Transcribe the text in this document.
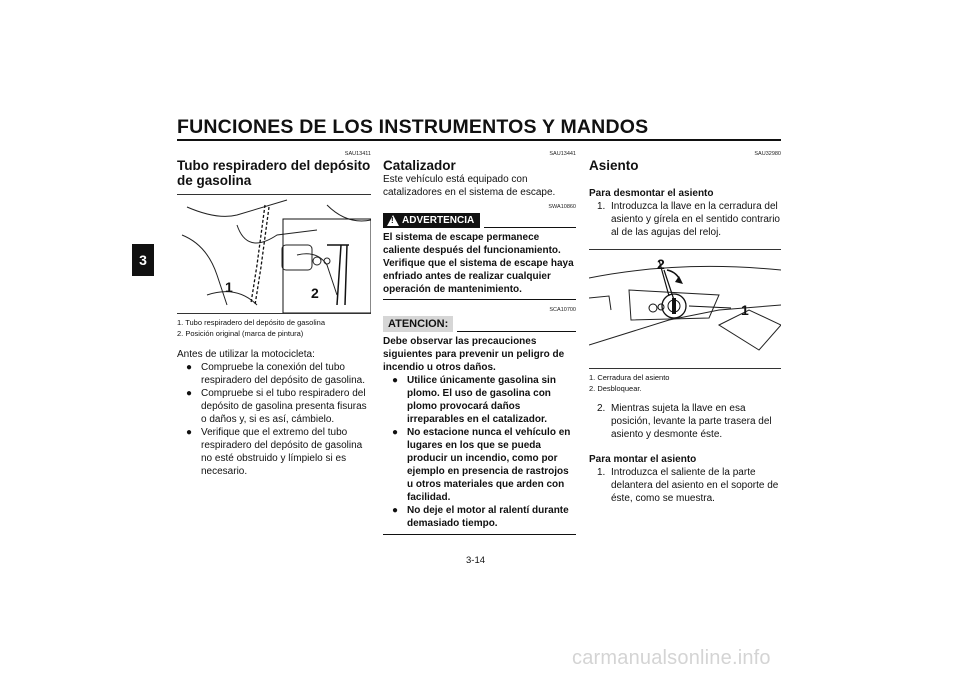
FUNCIONES DE LOS INSTRUMENTOS Y MANDOS
3
SAU13411
Tubo respiradero del depósito de gasolina
1	2

1. Tubo respiradero del depósito de gasolina

2. Posición original (marca de pintura)

Antes de utilizar la motocicleta:

● Compruebe la conexión del tubo respiradero del depósito de gasolina.
● Compruebe si el tubo respiradero del depósito de gasolina presenta fisuras o daños y, si es así, cámbielo.
● Verifique que el extremo del tubo respiradero del depósito de gasolina no esté obstruido y límpielo si es necesario.
SAU13441
Catalizador

Este vehículo está equipado con catalizadores en el sistema de escape.

SWA10860
! ADVERTENCIA
El sistema de escape permanece caliente después del funcionamiento. Verifique que el sistema de escape haya enfriado antes de realizar cualquier operación de mantenimiento.
SCA10700
ATENCION:
Debe observar las precauciones siguientes para prevenir un peligro de incendio u otros daños.
● Utilice únicamente gasolina sin plomo. El uso de gasolina con plomo provocará daños irreparables en el catalizador.
● No estacione nunca el vehículo en lugares en los que se pueda producir un incendio, como por ejemplo en presencia de rastrojos u otros materiales que arden con facilidad.
● No deje el motor al ralentí durante demasiado tiempo.
SAU32980
Asiento
Para desmontar el asiento
1. Introduzca la llave en la cerradura del asiento y gírela en el sentido contrario al de las agujas del reloj.
2
1

1. Cerradura del asiento

2. Desbloquear.

2. Mientras sujeta la llave en esa posición, levante la parte trasera del asiento y desmonte éste.
Para montar el asiento
1. Introduzca el saliente de la parte delantera del asiento en el soporte de éste, como se muestra.
3-14
carmanualsonline.info
